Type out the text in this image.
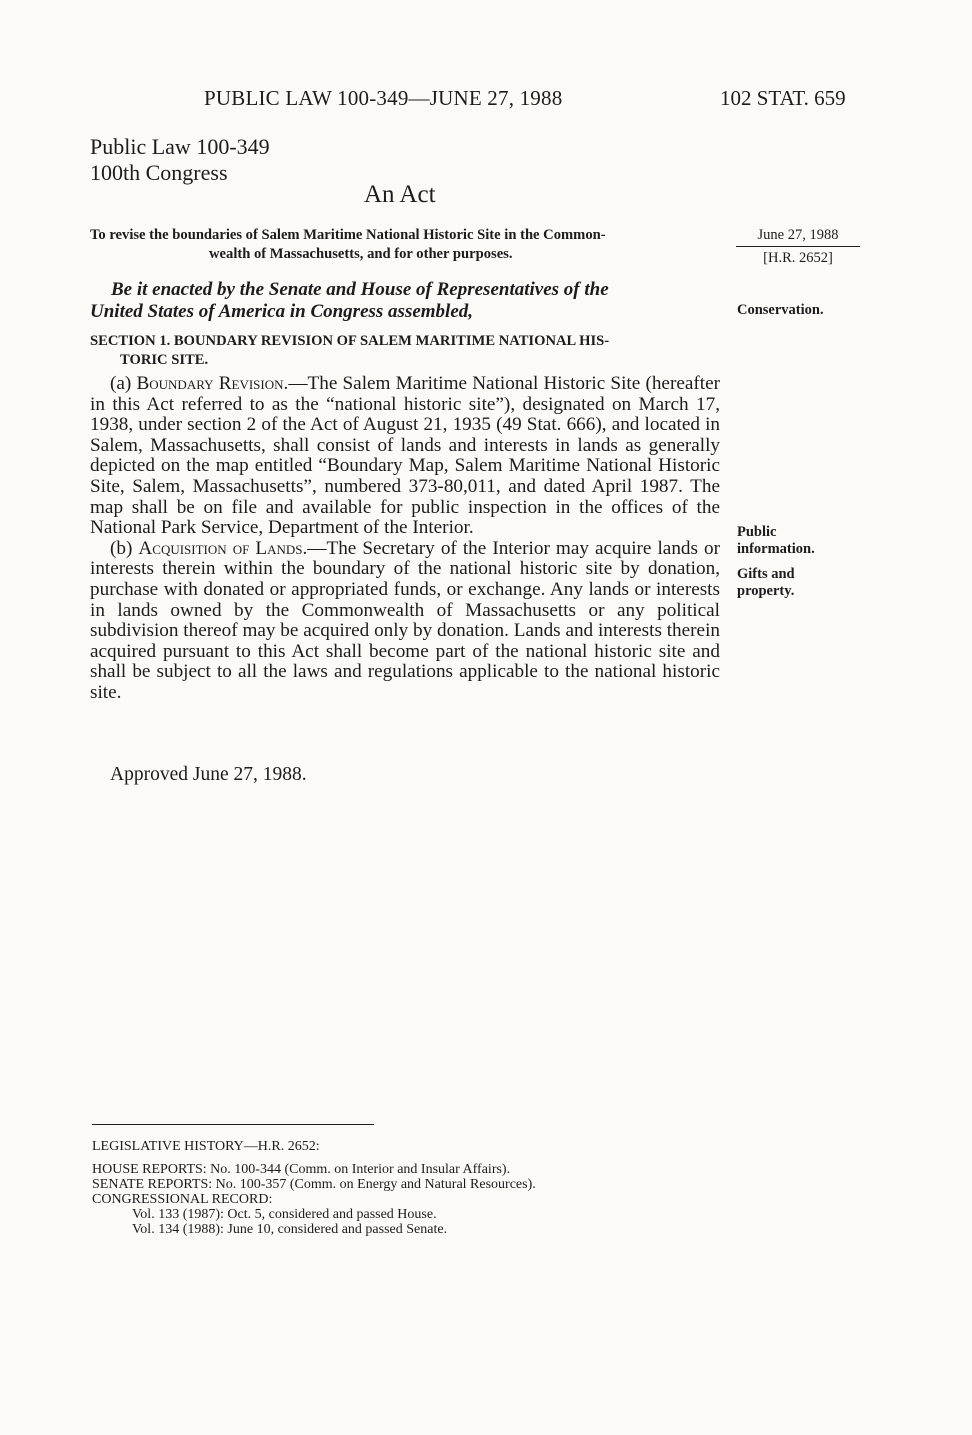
PUBLIC LAW 100-349—JUNE 27, 1988	102 STAT. 659
Public Law 100-349
100th Congress
An Act
To revise the boundaries of Salem Maritime National Historic Site in the Common-
wealth of Massachusetts, and for other purposes.
June 27, 1988
[H.R. 2652]
Be it enacted by the Senate and House of Representatives of the
United States of America in Congress assembled,	Conservation.
SECTION 1. BOUNDARY REVISION OF SALEM MARITIME NATIONAL HIS-
TORIC SITE.

(a) Boundary Revision.—The Salem Maritime National Historic Site (hereafter in this Act referred to as the “national historic site”), designated on March 17, 1938, under section 2 of the Act of August 21, 1935 (49 Stat. 666), and located in Salem, Massachusetts, shall consist of lands and interests in lands as generally depicted on the map entitled “Boundary Map, Salem Maritime National Historic Site, Salem, Massachusetts”, numbered 373-80,011, and dated April 1987. The map shall be on file and available for public inspection in the offices of the National Park Service, Department of the Interior.

(b) Acquisition of Lands.—The Secretary of the Interior may acquire lands or interests therein within the boundary of the national historic site by donation, purchase with donated or appropriated funds, or exchange. Any lands or interests in lands owned by the Commonwealth of Massachusetts or any political subdivision thereof may be acquired only by donation. Lands and interests therein acquired pursuant to this Act shall become part of the national historic site and shall be subject to all the laws and regulations applicable to the national historic site.

Public
information.
Gifts and
property.
Approved June 27, 1988.
LEGISLATIVE HISTORY—H.R. 2652:
HOUSE REPORTS: No. 100-344 (Comm. on Interior and Insular Affairs).
SENATE REPORTS: No. 100-357 (Comm. on Energy and Natural Resources).
CONGRESSIONAL RECORD:
Vol. 133 (1987): Oct. 5, considered and passed House.
Vol. 134 (1988): June 10, considered and passed Senate.
